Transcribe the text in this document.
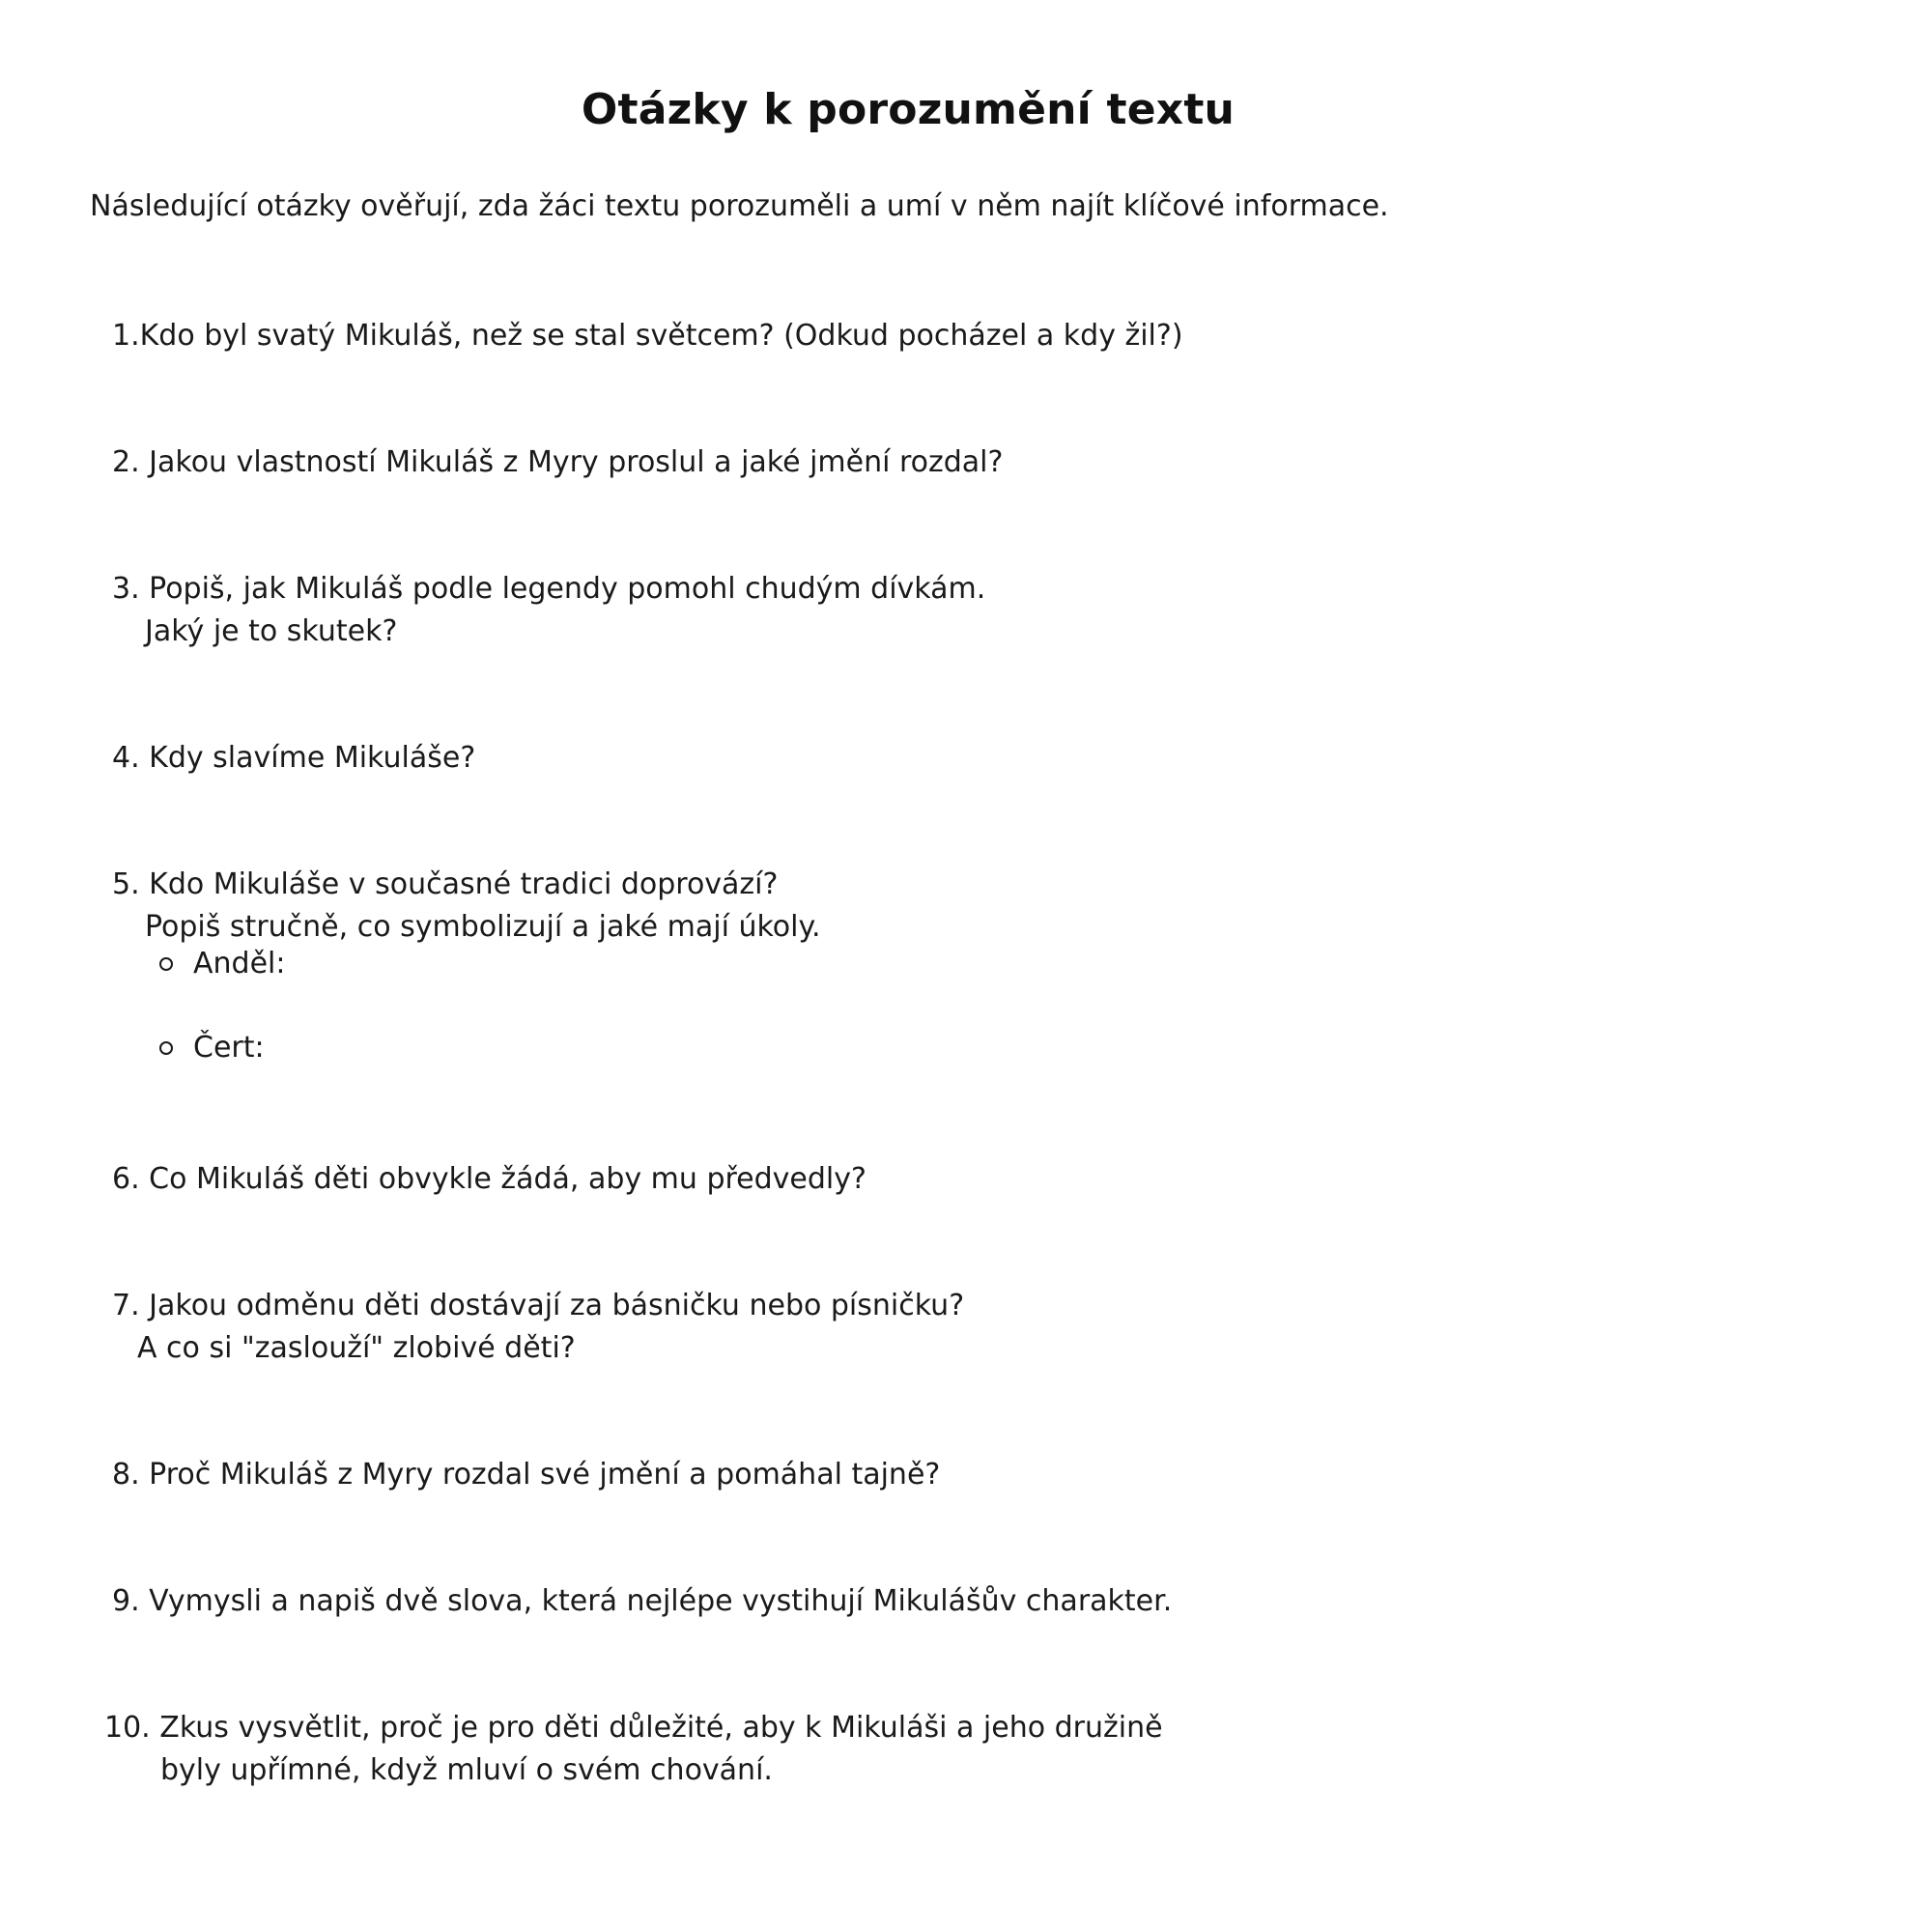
Otázky k porozumění textu
Následující otázky ověřují, zda žáci textu porozuměli a umí v něm najít klíčové informace.
1.Kdo byl svatý Mikuláš, než se stal světcem? (Odkud pocházel a kdy žil?)
2. Jakou vlastností Mikuláš z Myry proslul a jaké jmění rozdal?
3. Popiš, jak Mikuláš podle legendy pomohl chudým dívkám.
Jaký je to skutek?
4. Kdy slavíme Mikuláše?
5. Kdo Mikuláše v současné tradici doprovází?
Popiš stručně, co symbolizují a jaké mají úkoly.
Anděl:
Čert:
6. Co Mikuláš děti obvykle žádá, aby mu předvedly?
7. Jakou odměnu děti dostávají za básničku nebo písničku?
A co si "zaslouží" zlobivé děti?
8. Proč Mikuláš z Myry rozdal své jmění a pomáhal tajně?
9. Vymysli a napiš dvě slova, která nejlépe vystihují Mikulášův charakter.
10. Zkus vysvětlit, proč je pro děti důležité, aby k Mikuláši a jeho družině
byly upřímné, když mluví o svém chování.
